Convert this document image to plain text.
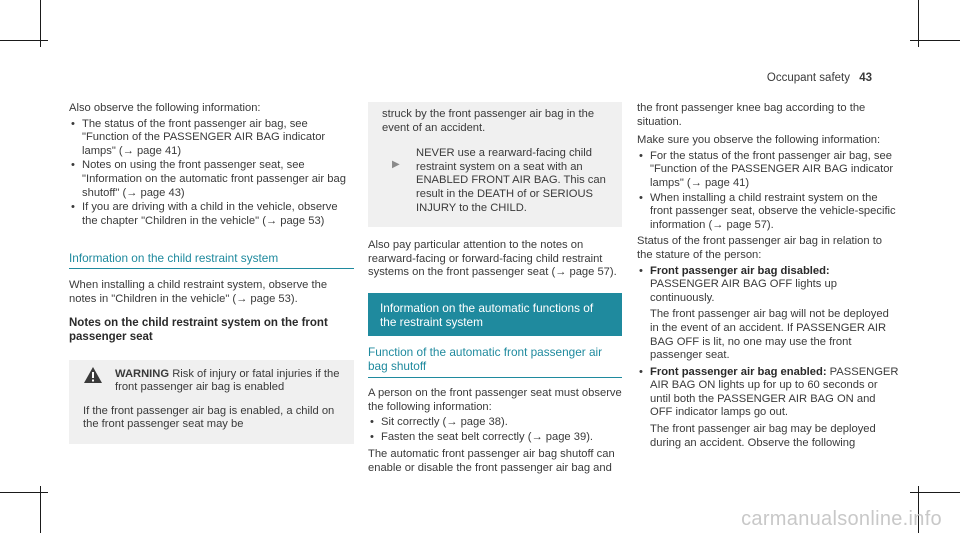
Occupant safety 43

Also observe the following information:

• The status of the front passenger air bag, see "Function of the PASSENGER AIR BAG indicator lamps" (→ page 41)
• Notes on using the front passenger seat, see "Information on the automatic front passenger air bag shutoff" (→ page 43)
• If you are driving with a child in the vehicle, observe the chapter "Children in the vehicle" (→ page 53)
Information on the child restraint system

When installing a child restraint system, observe the notes in "Children in the vehicle" (→ page 53).

Notes on the child restraint system on the front passenger seat
WARNING Risk of injury or fatal injuries if the front passenger air bag is enabled

If the front passenger air bag is enabled, a child on the front passenger seat may be

struck by the front passenger air bag in the event of an accident.

▶

NEVER use a rearward-facing child restraint system on a seat with an ENABLED FRONT AIR BAG. This can result in the DEATH of or SERIOUS INJURY to the CHILD.

Also pay particular attention to the notes on rearward-facing or forward-facing child restraint systems on the front passenger seat (→ page 57).

Information on the automatic functions of the restraint system
Function of the automatic front passenger air bag shutoff

A person on the front passenger seat must observe the following information:

• Sit correctly (→ page 38).
• Fasten the seat belt correctly (→ page 39).

The automatic front passenger air bag shutoff can enable or disable the front passenger air bag and

the front passenger knee bag according to the situation.

Make sure you observe the following information:

• For the status of the front passenger air bag, see "Function of the PASSENGER AIR BAG indicator lamps" (→ page 41)
• When installing a child restraint system on the front passenger seat, observe the vehicle-specific information (→ page 57).

Status of the front passenger air bag in relation to the stature of the person:

• Front passenger air bag disabled: PASSENGER AIR BAG OFF lights up continuously.

The front passenger air bag will not be deployed in the event of an accident. If PASSENGER AIR BAG OFF is lit, no one may use the front passenger seat.

• Front passenger air bag enabled: PASSENGER AIR BAG ON lights up for up to 60 seconds or until both the PASSENGER AIR BAG ON and OFF indicator lamps go out.

The front passenger air bag may be deployed during an accident. Observe the following

carmanualsonline.info
